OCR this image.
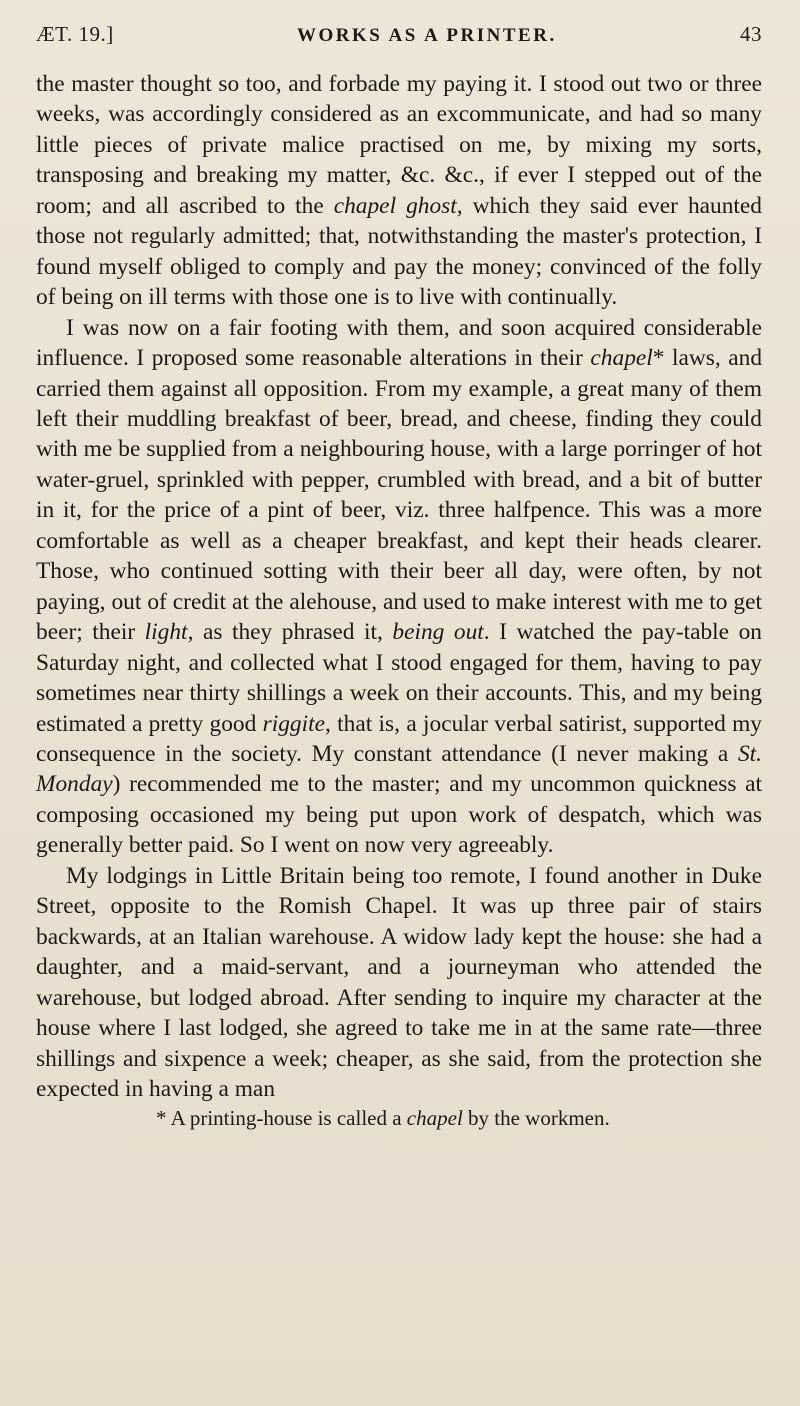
ÆT. 19.]	WORKS AS A PRINTER.	43

the master thought so too, and forbade my paying it. I stood out two or three weeks, was accordingly considered as an excommunicate, and had so many little pieces of private malice practised on me, by mixing my sorts, transposing and breaking my matter, &c. &c., if ever I stepped out of the room; and all ascribed to the chapel ghost, which they said ever haunted those not regularly admitted; that, notwithstanding the master's protection, I found myself obliged to comply and pay the money; convinced of the folly of being on ill terms with those one is to live with continually.

I was now on a fair footing with them, and soon acquired considerable influence. I proposed some reasonable alterations in their chapel* laws, and carried them against all opposition. From my example, a great many of them left their muddling breakfast of beer, bread, and cheese, finding they could with me be supplied from a neighbouring house, with a large porringer of hot water-gruel, sprinkled with pepper, crumbled with bread, and a bit of butter in it, for the price of a pint of beer, viz. three halfpence. This was a more comfortable as well as a cheaper breakfast, and kept their heads clearer. Those, who continued sotting with their beer all day, were often, by not paying, out of credit at the alehouse, and used to make interest with me to get beer; their light, as they phrased it, being out. I watched the pay-table on Saturday night, and collected what I stood engaged for them, having to pay sometimes near thirty shillings a week on their accounts. This, and my being estimated a pretty good riggite, that is, a jocular verbal satirist, supported my consequence in the society. My constant attendance (I never making a St. Monday) recommended me to the master; and my uncommon quickness at composing occasioned my being put upon work of despatch, which was generally better paid. So I went on now very agreeably.

My lodgings in Little Britain being too remote, I found another in Duke Street, opposite to the Romish Chapel. It was up three pair of stairs backwards, at an Italian warehouse. A widow lady kept the house: she had a daughter, and a maid-servant, and a journeyman who attended the warehouse, but lodged abroad. After sending to inquire my character at the house where I last lodged, she agreed to take me in at the same rate—three shillings and sixpence a week; cheaper, as she said, from the protection she expected in having a man

* A printing-house is called a chapel by the workmen.
